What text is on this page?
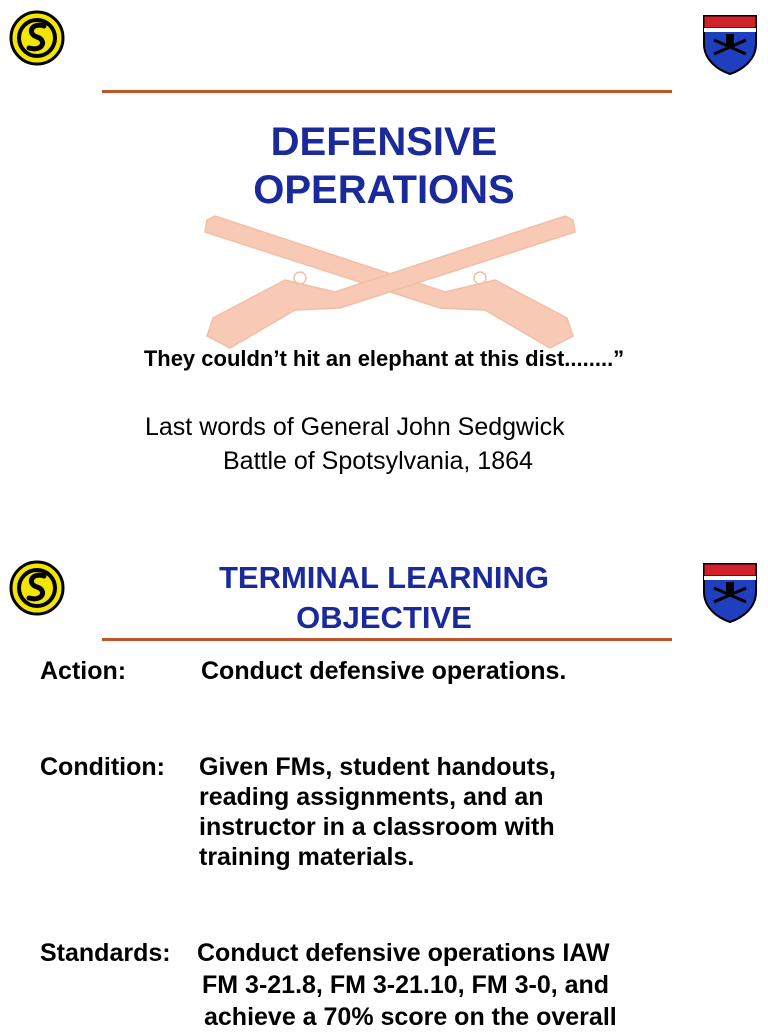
DEFENSIVE
OPERATIONS
They couldn’t hit an elephant at this dist........”
Last words of General John Sedgwick
Battle of Spotsylvania, 1864
TERMINAL LEARNING
OBJECTIVE
Action:	Conduct defensive operations.
Condition: Given FMs, student handouts,
reading assignments, and an
instructor in a classroom with
training materials.
Standards: Conduct defensive operations IAW
FM 3-21.8, FM 3-21.10, FM 3-0, and
achieve a 70% score on the overall
